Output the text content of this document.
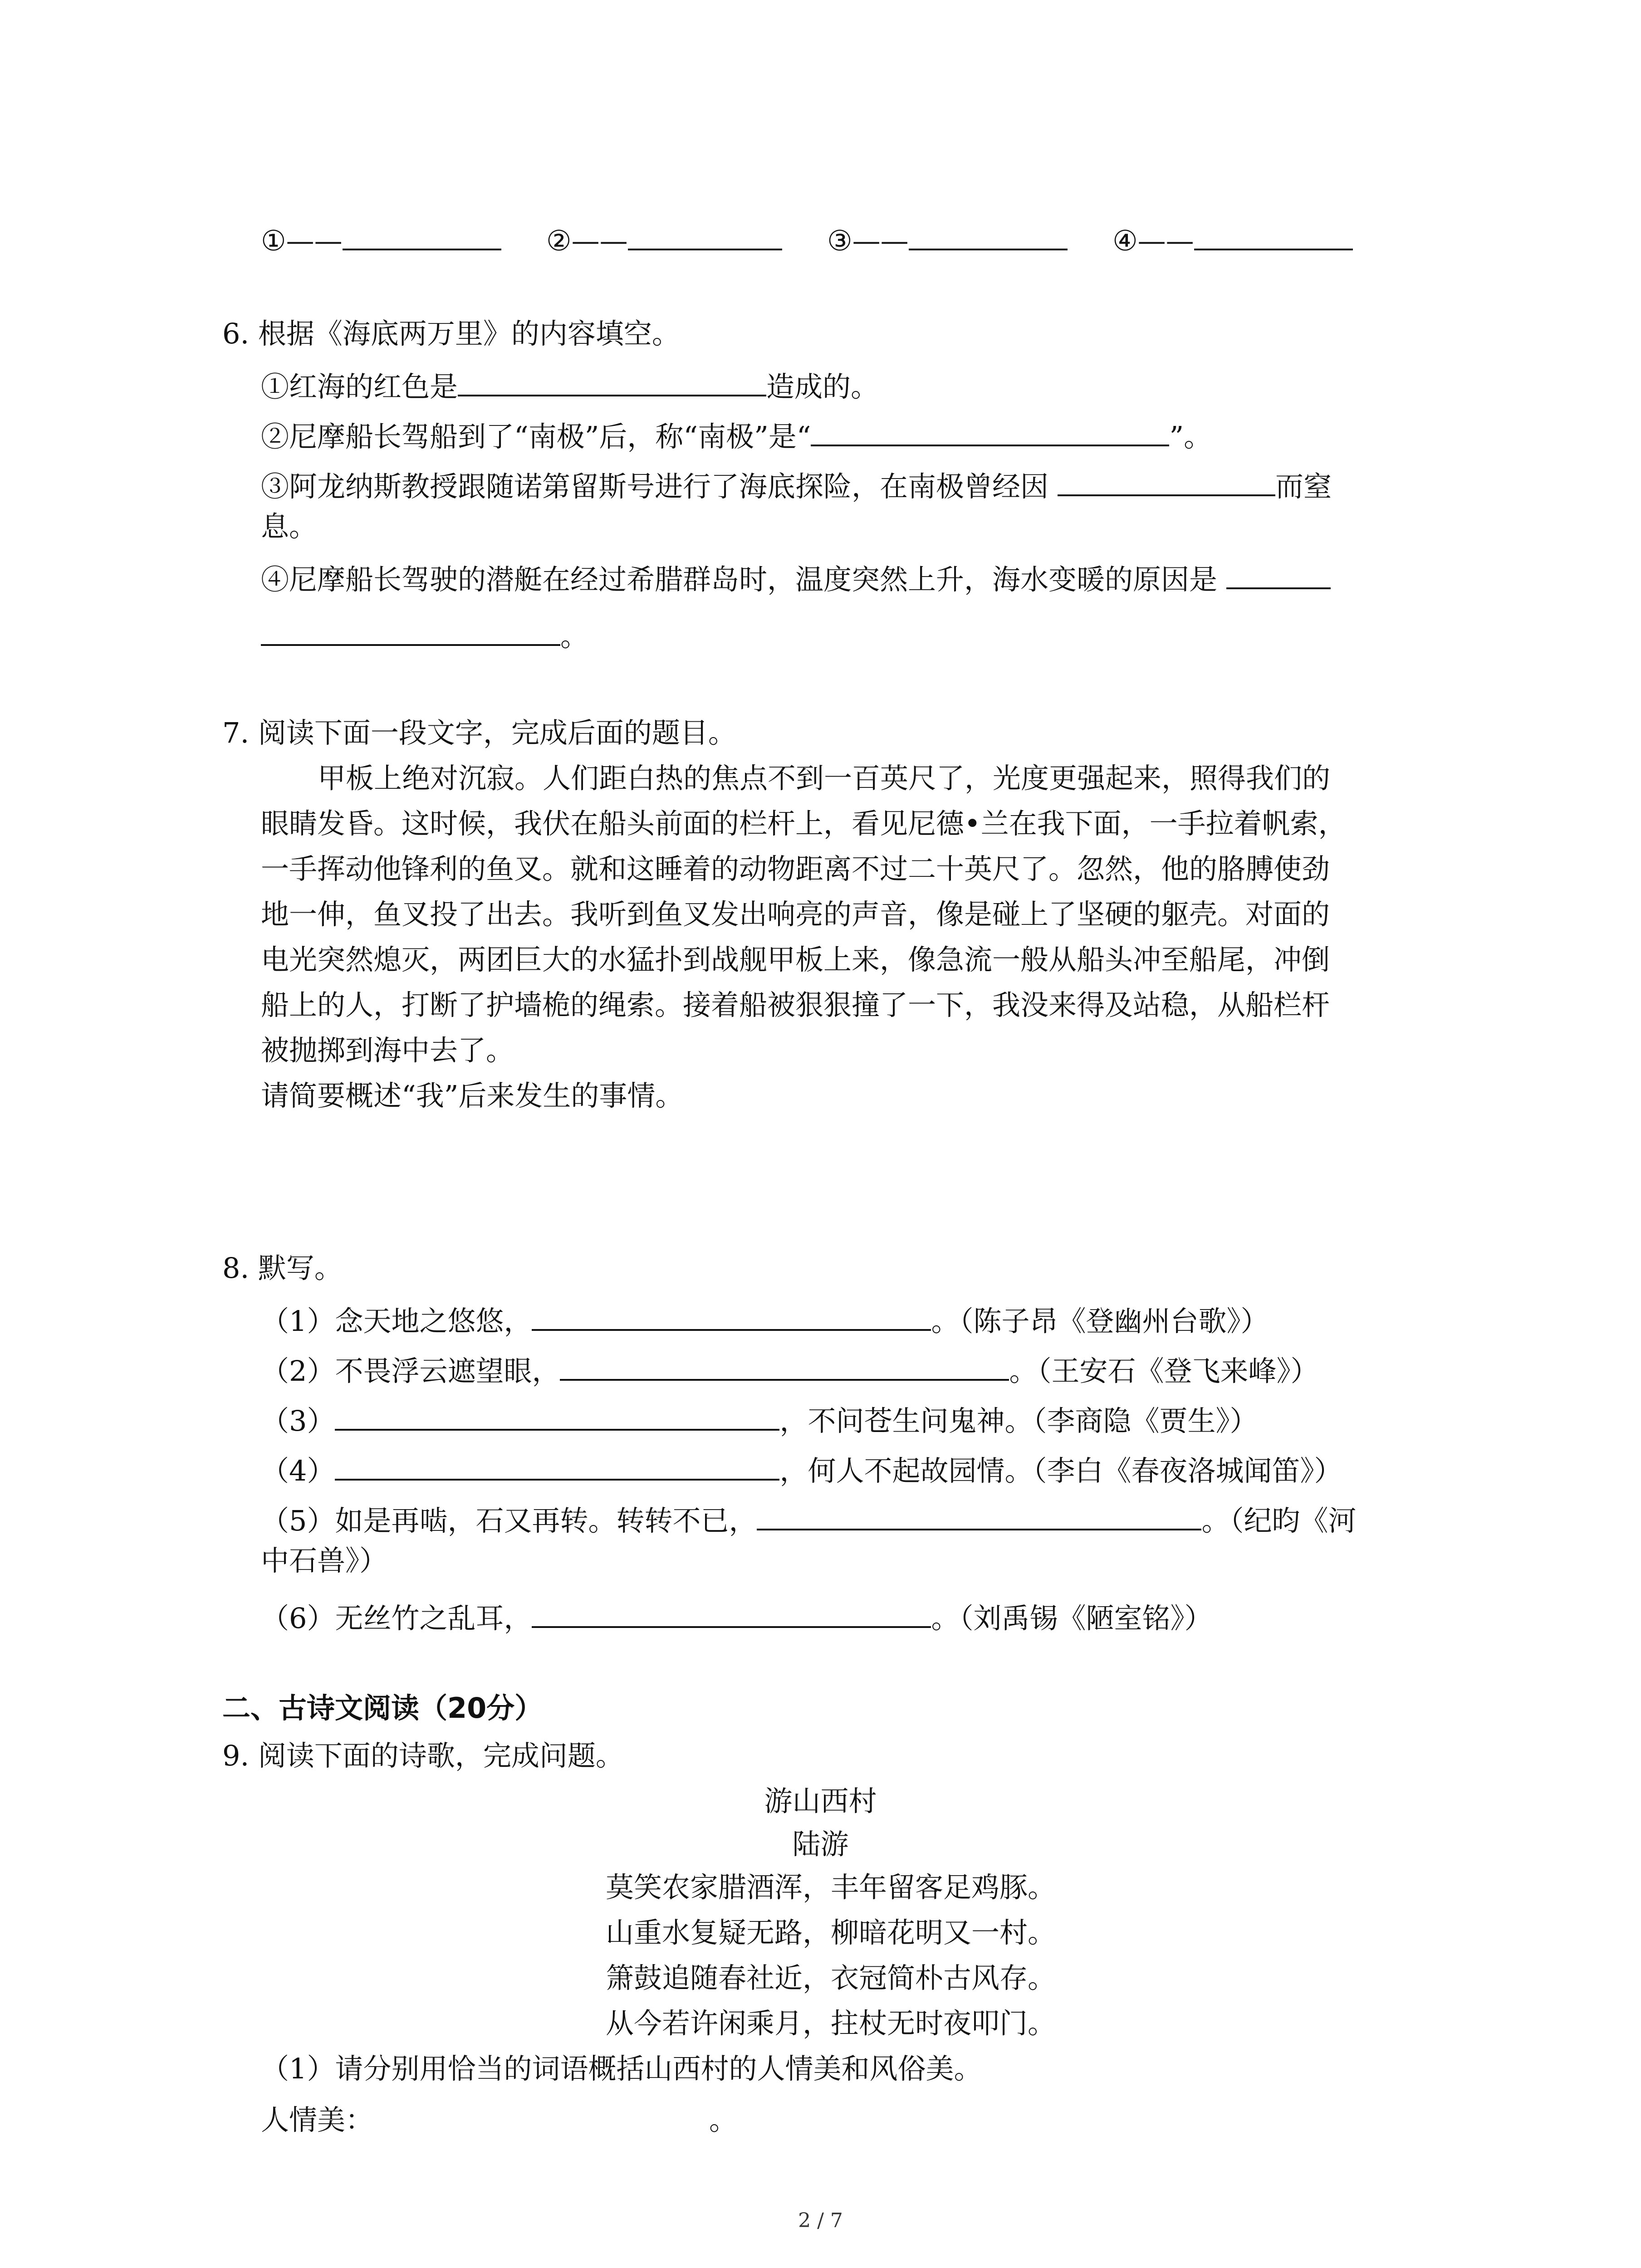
①——	②——	③——	④——
6. 根据《海底两万里》的内容填空。
①红海的红色是	造成的。
②尼摩船长驾船到了“南极”后，称“南极”是“	”。
③阿龙纳斯教授跟随诺第留斯号进行了海底探险，在南极曾经因	而窒
息。
④尼摩船长驾驶的潜艇在经过希腊群岛时，温度突然上升，海水变暖的原因是
。
7. 阅读下面一段文字，完成后面的题目。
甲板上绝对沉寂。人们距白热的焦点不到一百英尺了，光度更强起来，照得我们的
眼睛发昏。这时候，我伏在船头前面的栏杆上，看见尼德•兰在我下面，一手拉着帆索，
一手挥动他锋利的鱼叉。就和这睡着的动物距离不过二十英尺了。忽然，他的胳膊使劲
地一伸，鱼叉投了出去。我听到鱼叉发出响亮的声音，像是碰上了坚硬的躯壳。对面的
电光突然熄灭，两团巨大的水猛扑到战舰甲板上来，像急流一般从船头冲至船尾，冲倒
船上的人，打断了护墙桅的绳索。接着船被狠狠撞了一下，我没来得及站稳，从船栏杆
被抛掷到海中去了。
请简要概述“我”后来发生的事情。
8. 默写。
（1）念天地之悠悠，	。（陈子昂《登幽州台歌》）
（2）不畏浮云遮望眼，	。（王安石《登飞来峰》）
（3）	，不问苍生问鬼神。（李商隐《贾生》）
（4）	，何人不起故园情。（李白《春夜洛城闻笛》）
（5）如是再啮，石又再转。转转不已，	。（纪昀《河
中石兽》）
（6）无丝竹之乱耳，	。（刘禹锡《陋室铭》）
二、古诗文阅读（20分）
9. 阅读下面的诗歌，完成问题。
游山西村
陆游
莫笑农家腊酒浑，丰年留客足鸡豚。
山重水复疑无路，柳暗花明又一村。
箫鼓追随春社近，衣冠简朴古风存。
从今若许闲乘月，拄杖无时夜叩门。
（1）请分别用恰当的词语概括山西村的人情美和风俗美。
人情美：	。
2 / 7
